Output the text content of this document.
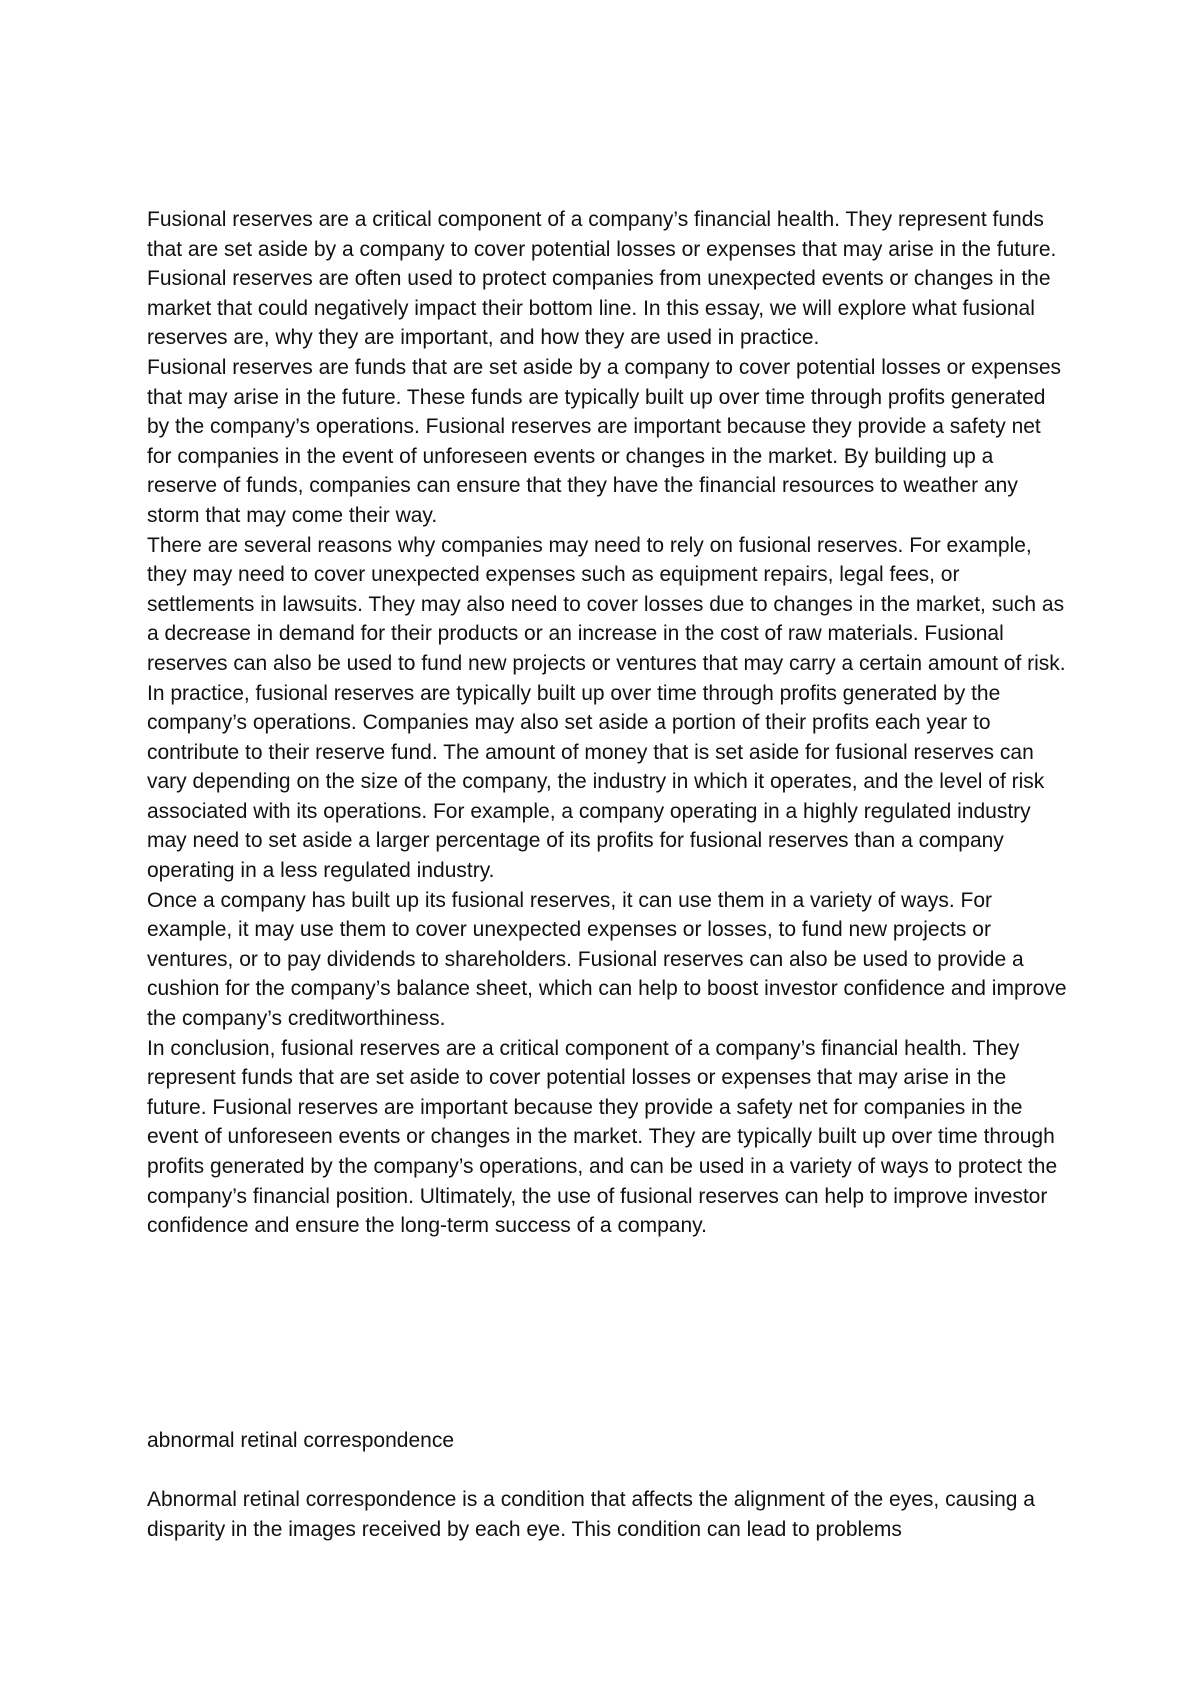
Fusional reserves are a critical component of a company’s financial health. They represent funds that are set aside by a company to cover potential losses or expenses that may arise in the future. Fusional reserves are often used to protect companies from unexpected events or changes in the market that could negatively impact their bottom line. In this essay, we will explore what fusional reserves are, why they are important, and how they are used in practice.

Fusional reserves are funds that are set aside by a company to cover potential losses or expenses that may arise in the future. These funds are typically built up over time through profits generated by the company’s operations. Fusional reserves are important because they provide a safety net for companies in the event of unforeseen events or changes in the market. By building up a reserve of funds, companies can ensure that they have the financial resources to weather any storm that may come their way.

There are several reasons why companies may need to rely on fusional reserves. For example, they may need to cover unexpected expenses such as equipment repairs, legal fees, or settlements in lawsuits. They may also need to cover losses due to changes in the market, such as a decrease in demand for their products or an increase in the cost of raw materials. Fusional reserves can also be used to fund new projects or ventures that may carry a certain amount of risk.

In practice, fusional reserves are typically built up over time through profits generated by the company’s operations. Companies may also set aside a portion of their profits each year to contribute to their reserve fund. The amount of money that is set aside for fusional reserves can vary depending on the size of the company, the industry in which it operates, and the level of risk associated with its operations. For example, a company operating in a highly regulated industry may need to set aside a larger percentage of its profits for fusional reserves than a company operating in a less regulated industry.

Once a company has built up its fusional reserves, it can use them in a variety of ways. For example, it may use them to cover unexpected expenses or losses, to fund new projects or ventures, or to pay dividends to shareholders. Fusional reserves can also be used to provide a cushion for the company’s balance sheet, which can help to boost investor confidence and improve the company’s creditworthiness.

In conclusion, fusional reserves are a critical component of a company’s financial health. They represent funds that are set aside to cover potential losses or expenses that may arise in the future. Fusional reserves are important because they provide a safety net for companies in the event of unforeseen events or changes in the market. They are typically built up over time through profits generated by the company’s operations, and can be used in a variety of ways to protect the company’s financial position. Ultimately, the use of fusional reserves can help to improve investor confidence and ensure the long-term success of a company.

abnormal retinal correspondence

Abnormal retinal correspondence is a condition that affects the alignment of the eyes, causing a disparity in the images received by each eye. This condition can lead to problems
